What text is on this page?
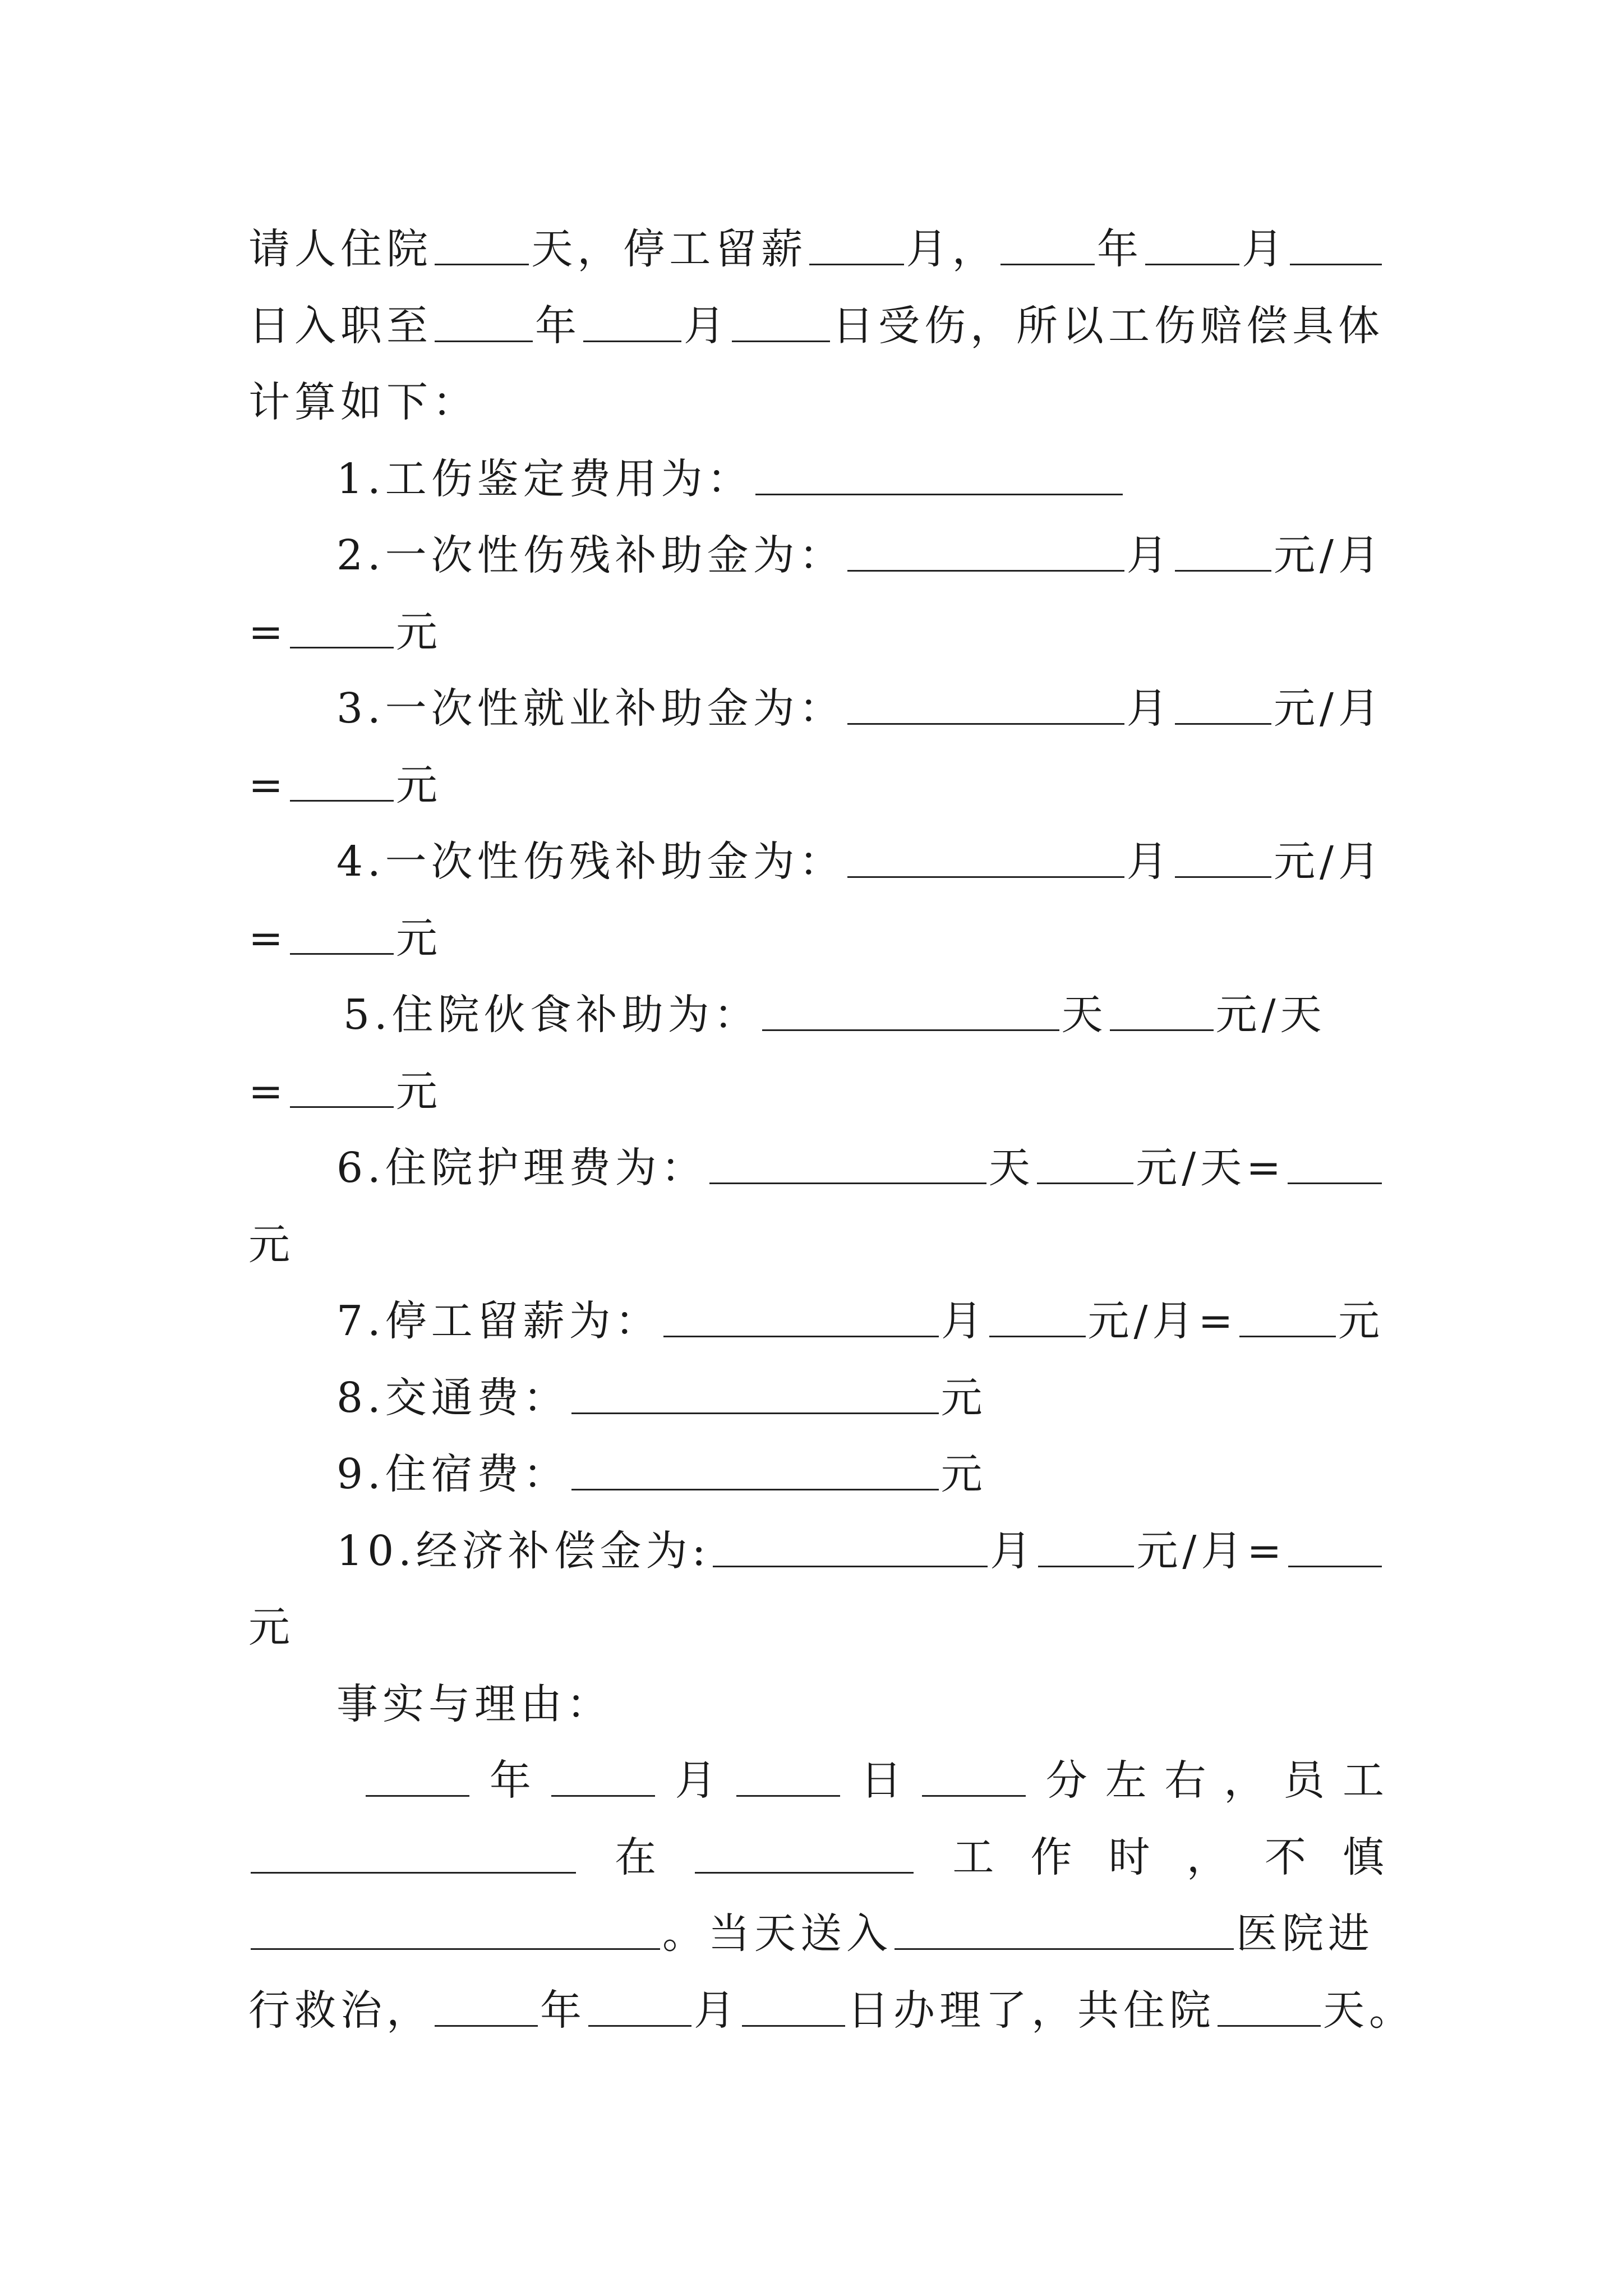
请人住院 天，停工留薪 月， 年 月
日入职至 年 月 日受伤，所以工伤赔偿具体
计算如下：
1.工伤鉴定费用为：
2.一次性伤残补助金为：	月 元/月
=	元
3.一次性就业补助金为：	月 元/月
=	元
4.一次性伤残补助金为：	月 元/月
=	元
5.住院伙食补助为：	天	元/天
=	元
6.住院护理费为：	天 元/天=
元
7.停工留薪为：	月 元/月= 元
8.交通费：	元
9.住宿费：	元
10.经济补偿金为:	月 元/月=
元
事实与理由：
年	月	日	分 左 右 ， 员 工
在	工 作 时 ， 不 慎
。当天送入	医院进
行救治，	年	月	日办理了，共住院	天。
